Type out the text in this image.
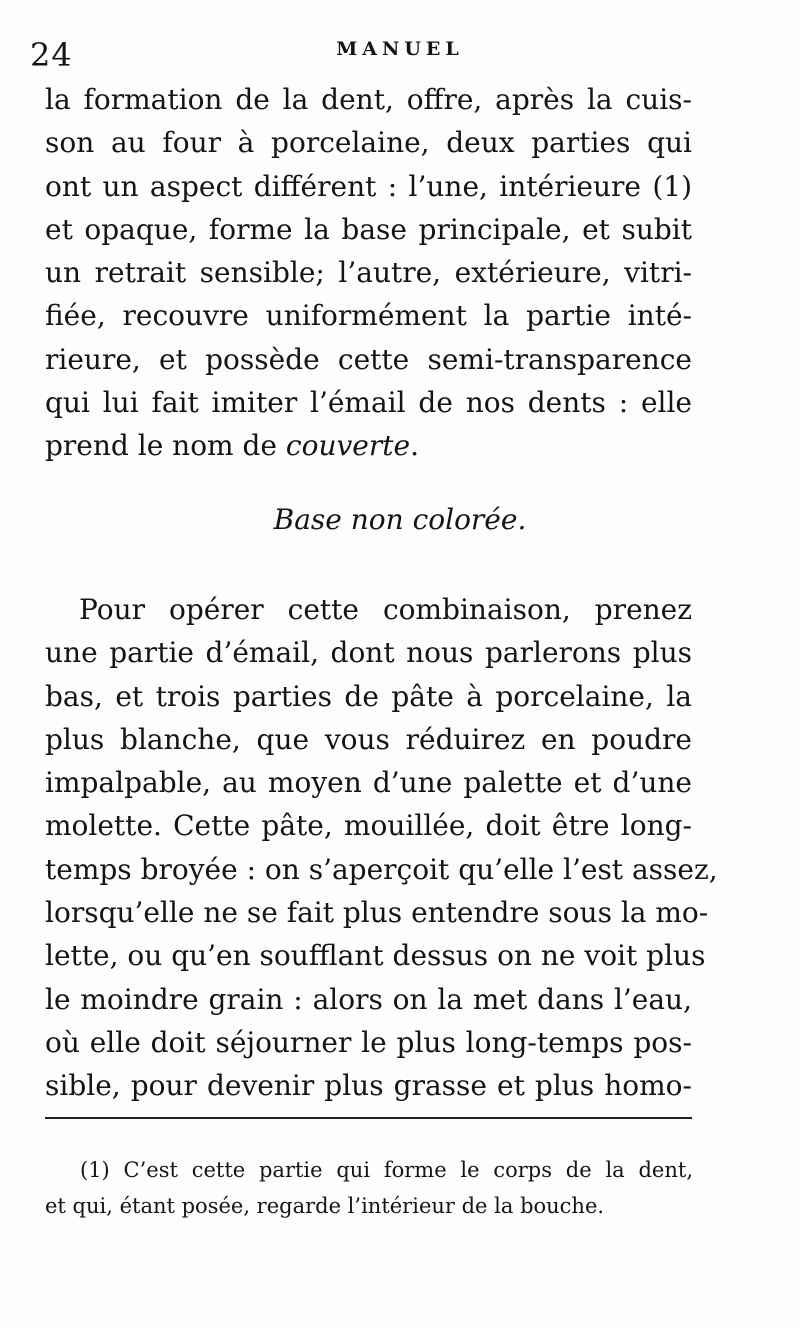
24	MANUEL
la formation de la dent, offre, après la cuis-
son au four à porcelaine, deux parties qui
ont un aspect différent : l’une, intérieure (1)
et opaque, forme la base principale, et subit
un retrait sensible; l’autre, extérieure, vitri-
fiée, recouvre uniformément la partie inté-
rieure, et possède cette semi-transparence
qui lui fait imiter l’émail de nos dents : elle
prend le nom de couverte.
Base non colorée.
Pour opérer cette combinaison, prenez
une partie d’émail, dont nous parlerons plus
bas, et trois parties de pâte à porcelaine, la
plus blanche, que vous réduirez en poudre
impalpable, au moyen d’une palette et d’une
molette. Cette pâte, mouillée, doit être long-
temps broyée : on s’aperçoit qu’elle l’est assez,
lorsqu’elle ne se fait plus entendre sous la mo-
lette, ou qu’en soufflant dessus on ne voit plus
le moindre grain : alors on la met dans l’eau,
où elle doit séjourner le plus long-temps pos-
sible, pour devenir plus grasse et plus homo-
(1) C’est cette partie qui forme le corps de la dent,
et qui, étant posée, regarde l’intérieur de la bouche.
